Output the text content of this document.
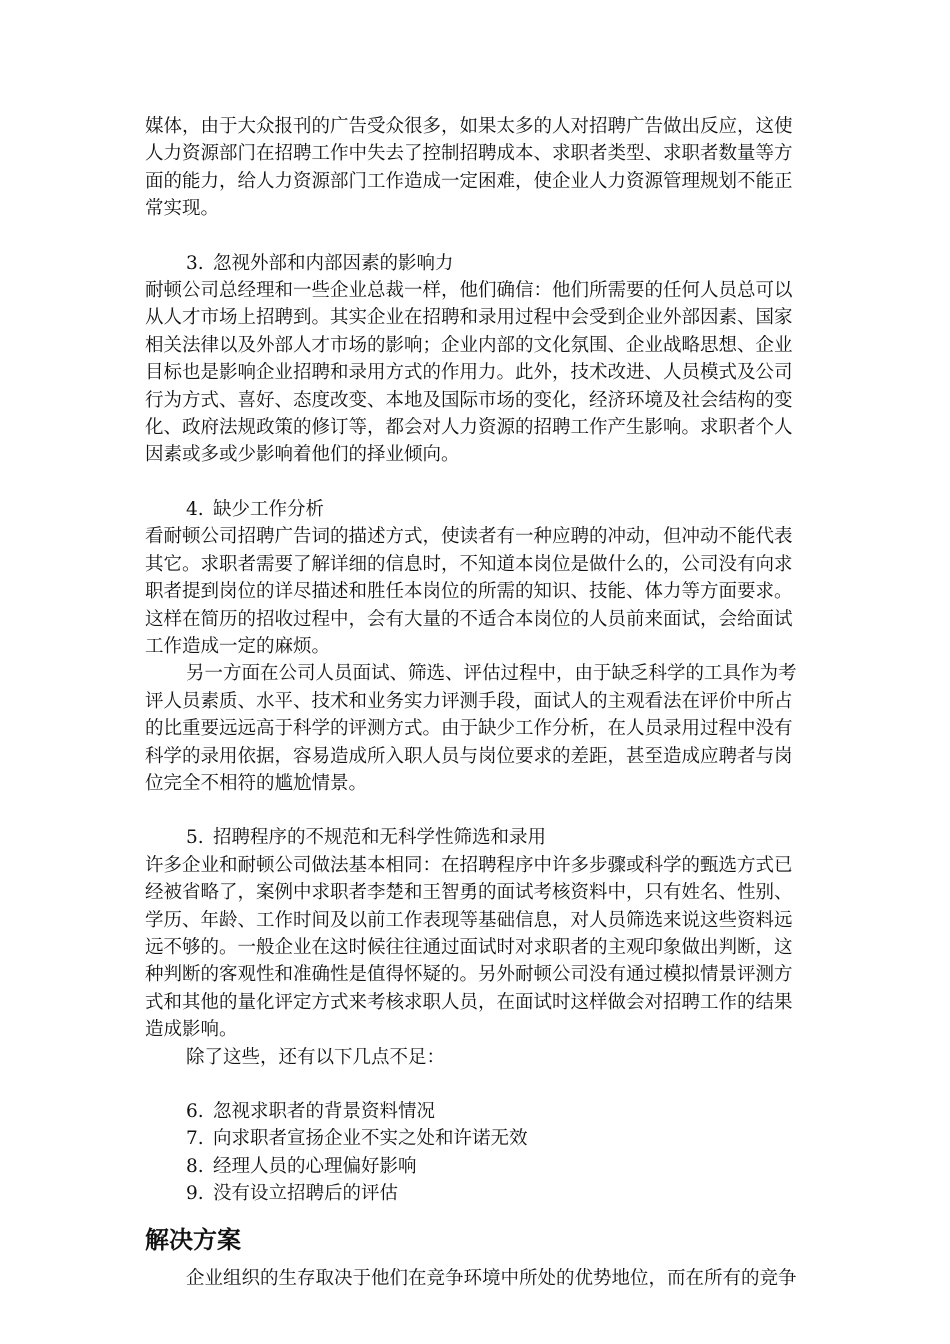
媒体，由于大众报刊的广告受众很多，如果太多的人对招聘广告做出反应，这使

人力资源部门在招聘工作中失去了控制招聘成本、求职者类型、求职者数量等方

面的能力，给人力资源部门工作造成一定困难，使企业人力资源管理规划不能正

常实现。

3. 忽视外部和内部因素的影响力

耐顿公司总经理和一些企业总裁一样，他们确信：他们所需要的任何人员总可以

从人才市场上招聘到。其实企业在招聘和录用过程中会受到企业外部因素、国家

相关法律以及外部人才市场的影响；企业内部的文化氛围、企业战略思想、企业

目标也是影响企业招聘和录用方式的作用力。此外，技术改进、人员模式及公司

行为方式、喜好、态度改变、本地及国际市场的变化，经济环境及社会结构的变

化、政府法规政策的修订等，都会对人力资源的招聘工作产生影响。求职者个人

因素或多或少影响着他们的择业倾向。

4. 缺少工作分析

看耐顿公司招聘广告词的描述方式，使读者有一种应聘的冲动，但冲动不能代表

其它。求职者需要了解详细的信息时，不知道本岗位是做什么的，公司没有向求

职者提到岗位的详尽描述和胜任本岗位的所需的知识、技能、体力等方面要求。

这样在简历的招收过程中，会有大量的不适合本岗位的人员前来面试，会给面试

工作造成一定的麻烦。

另一方面在公司人员面试、筛选、评估过程中，由于缺乏科学的工具作为考

评人员素质、水平、技术和业务实力评测手段，面试人的主观看法在评价中所占

的比重要远远高于科学的评测方式。由于缺少工作分析，在人员录用过程中没有

科学的录用依据，容易造成所入职人员与岗位要求的差距，甚至造成应聘者与岗

位完全不相符的尴尬情景。

5. 招聘程序的不规范和无科学性筛选和录用

许多企业和耐顿公司做法基本相同：在招聘程序中许多步骤或科学的甄选方式已

经被省略了，案例中求职者李楚和王智勇的面试考核资料中，只有姓名、性别、

学历、年龄、工作时间及以前工作表现等基础信息，对人员筛选来说这些资料远

远不够的。一般企业在这时候往往通过面试时对求职者的主观印象做出判断，这

种判断的客观性和准确性是值得怀疑的。另外耐顿公司没有通过模拟情景评测方

式和其他的量化评定方式来考核求职人员，在面试时这样做会对招聘工作的结果

造成影响。

除了这些，还有以下几点不足：

6. 忽视求职者的背景资料情况

7. 向求职者宣扬企业不实之处和许诺无效

8. 经理人员的心理偏好影响

9. 没有设立招聘后的评估

解决方案

企业组织的生存取决于他们在竞争环境中所处的优势地位，而在所有的竞争
